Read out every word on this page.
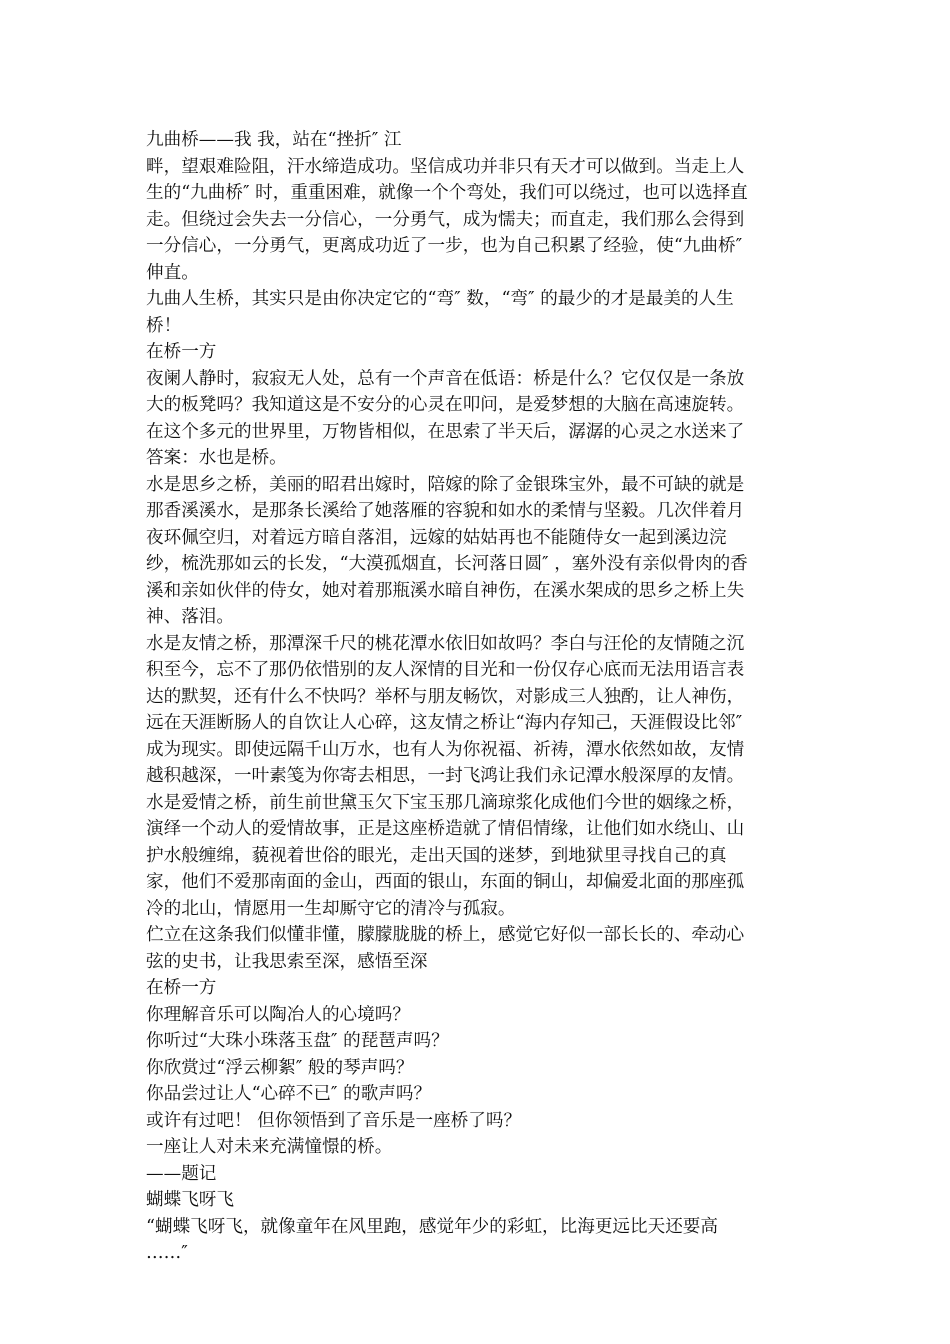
九曲桥——我 我，站在“挫折″ 江
畔，望艰难险阻，汗水缔造成功。坚信成功并非只有天才可以做到。当走上人
生的“九曲桥″ 时，重重困难，就像一个个弯处，我们可以绕过，也可以选择直
走。但绕过会失去一分信心，一分勇气，成为懦夫；而直走，我们那么会得到
一分信心，一分勇气，更离成功近了一步，也为自己积累了经验，使“九曲桥″
伸直。
九曲人生桥，其实只是由你决定它的“弯″ 数，“弯″ 的最少的才是最美的人生
桥！
在桥一方
夜阑人静时，寂寂无人处，总有一个声音在低语：桥是什么？它仅仅是一条放
大的板凳吗？我知道这是不安分的心灵在叩问，是爱梦想的大脑在高速旋转。
在这个多元的世界里，万物皆相似，在思索了半天后，潺潺的心灵之水送来了
答案：水也是桥。
水是思乡之桥，美丽的昭君出嫁时，陪嫁的除了金银珠宝外，最不可缺的就是
那香溪溪水，是那条长溪给了她落雁的容貌和如水的柔情与坚毅。几次伴着月
夜环佩空归，对着远方暗自落泪，远嫁的姑姑再也不能随侍女一起到溪边浣
纱，梳洗那如云的长发，“大漠孤烟直，长河落日圆″ ，塞外没有亲似骨肉的香
溪和亲如伙伴的侍女，她对着那瓶溪水暗自神伤，在溪水架成的思乡之桥上失
神、落泪。
水是友情之桥，那潭深千尺的桃花潭水依旧如故吗？李白与汪伦的友情随之沉
积至今，忘不了那仍依惜别的友人深情的目光和一份仅存心底而无法用语言表
达的默契，还有什么不快吗？举杯与朋友畅饮，对影成三人独酌，让人神伤，
远在天涯断肠人的自饮让人心碎，这友情之桥让“海内存知己，天涯假设比邻″
成为现实。即使远隔千山万水，也有人为你祝福、祈祷，潭水依然如故，友情
越积越深，一叶素笺为你寄去相思，一封飞鸿让我们永记潭水般深厚的友情。
水是爱情之桥，前生前世黛玉欠下宝玉那几滴琼浆化成他们今世的姻缘之桥，
演绎一个动人的爱情故事，正是这座桥造就了情侣情缘，让他们如水绕山、山
护水般缠绵，藐视着世俗的眼光，走出天国的迷梦，到地狱里寻找自己的真
家，他们不爱那南面的金山，西面的银山，东面的铜山，却偏爱北面的那座孤
冷的北山，情愿用一生却厮守它的清冷与孤寂。
伫立在这条我们似懂非懂，朦朦胧胧的桥上，感觉它好似一部长长的、牵动心
弦的史书，让我思索至深，感悟至深
在桥一方
你理解音乐可以陶冶人的心境吗？
你听过“大珠小珠落玉盘″ 的琵琶声吗？
你欣赏过“浮云柳絮″ 般的琴声吗？
你品尝过让人“心碎不已″ 的歌声吗？
或许有过吧！ 但你领悟到了音乐是一座桥了吗？
一座让人对未来充满憧憬的桥。
——题记
蝴蝶飞呀飞
“蝴蝶飞呀飞，就像童年在风里跑，感觉年少的彩虹，比海更远比天还要高
……″
